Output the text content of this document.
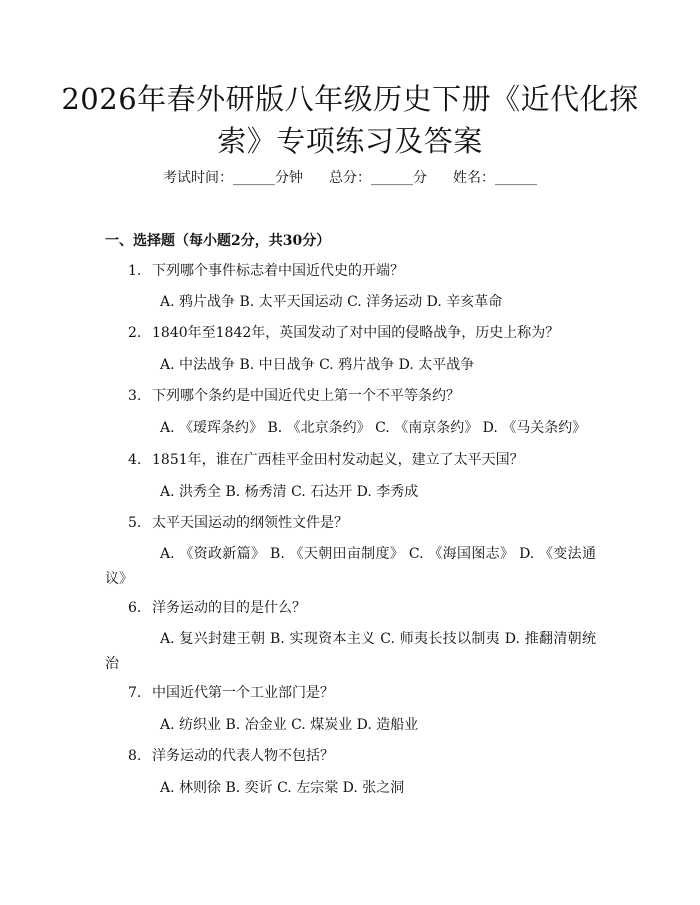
2026年春外研版八年级历史下册《近代化探索》专项练习及答案
考试时间：______分钟 总分：______分 姓名：______
一、选择题（每小题2分，共30分）
1. 下列哪个事件标志着中国近代史的开端？
A. 鸦片战争 B. 太平天国运动 C. 洋务运动 D. 辛亥革命
2. 1840年至1842年，英国发动了对中国的侵略战争，历史上称为？
A. 中法战争 B. 中日战争 C. 鸦片战争 D. 太平战争
3. 下列哪个条约是中国近代史上第一个不平等条约？
A. 《瑷珲条约》 B. 《北京条约》 C. 《南京条约》 D. 《马关条约》
4. 1851年，谁在广西桂平金田村发动起义，建立了太平天国？
A. 洪秀全 B. 杨秀清 C. 石达开 D. 李秀成
5. 太平天国运动的纲领性文件是？
A. 《资政新篇》 B. 《天朝田亩制度》 C. 《海国图志》 D. 《变法通议》
6. 洋务运动的目的是什么？
A. 复兴封建王朝 B. 实现资本主义 C. 师夷长技以制夷 D. 推翻清朝统治
7. 中国近代第一个工业部门是？
A. 纺织业 B. 冶金业 C. 煤炭业 D. 造船业
8. 洋务运动的代表人物不包括？
A. 林则徐 B. 奕䜣 C. 左宗棠 D. 张之洞
